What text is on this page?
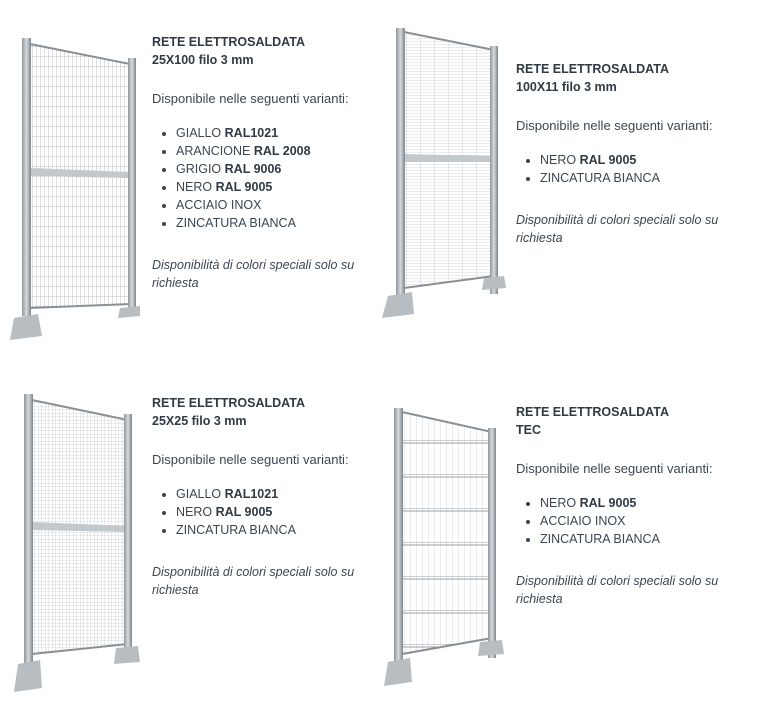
RETE ELETTROSALDATA
25X100 filo 3 mm
Disponibile nelle seguenti varianti:
• GIALLO RAL1021
• ARANCIONE RAL 2008
• GRIGIO RAL 9006
• NERO RAL 9005
• ACCIAIO INOX
• ZINCATURA BIANCA
Disponibilità di colori speciali solo su richiesta
RETE ELETTROSALDATA
100X11 filo 3 mm
Disponibile nelle seguenti varianti:
• NERO RAL 9005
• ZINCATURA BIANCA
Disponibilità di colori speciali solo su richiesta
RETE ELETTROSALDATA
25X25 filo 3 mm
Disponibile nelle seguenti varianti:
• GIALLO RAL1021
• NERO RAL 9005
• ZINCATURA BIANCA
Disponibilità di colori speciali solo su richiesta
RETE ELETTROSALDATA
TEC
Disponibile nelle seguenti varianti:
• NERO RAL 9005
• ACCIAIO INOX
• ZINCATURA BIANCA
Disponibilità di colori speciali solo su richiesta
